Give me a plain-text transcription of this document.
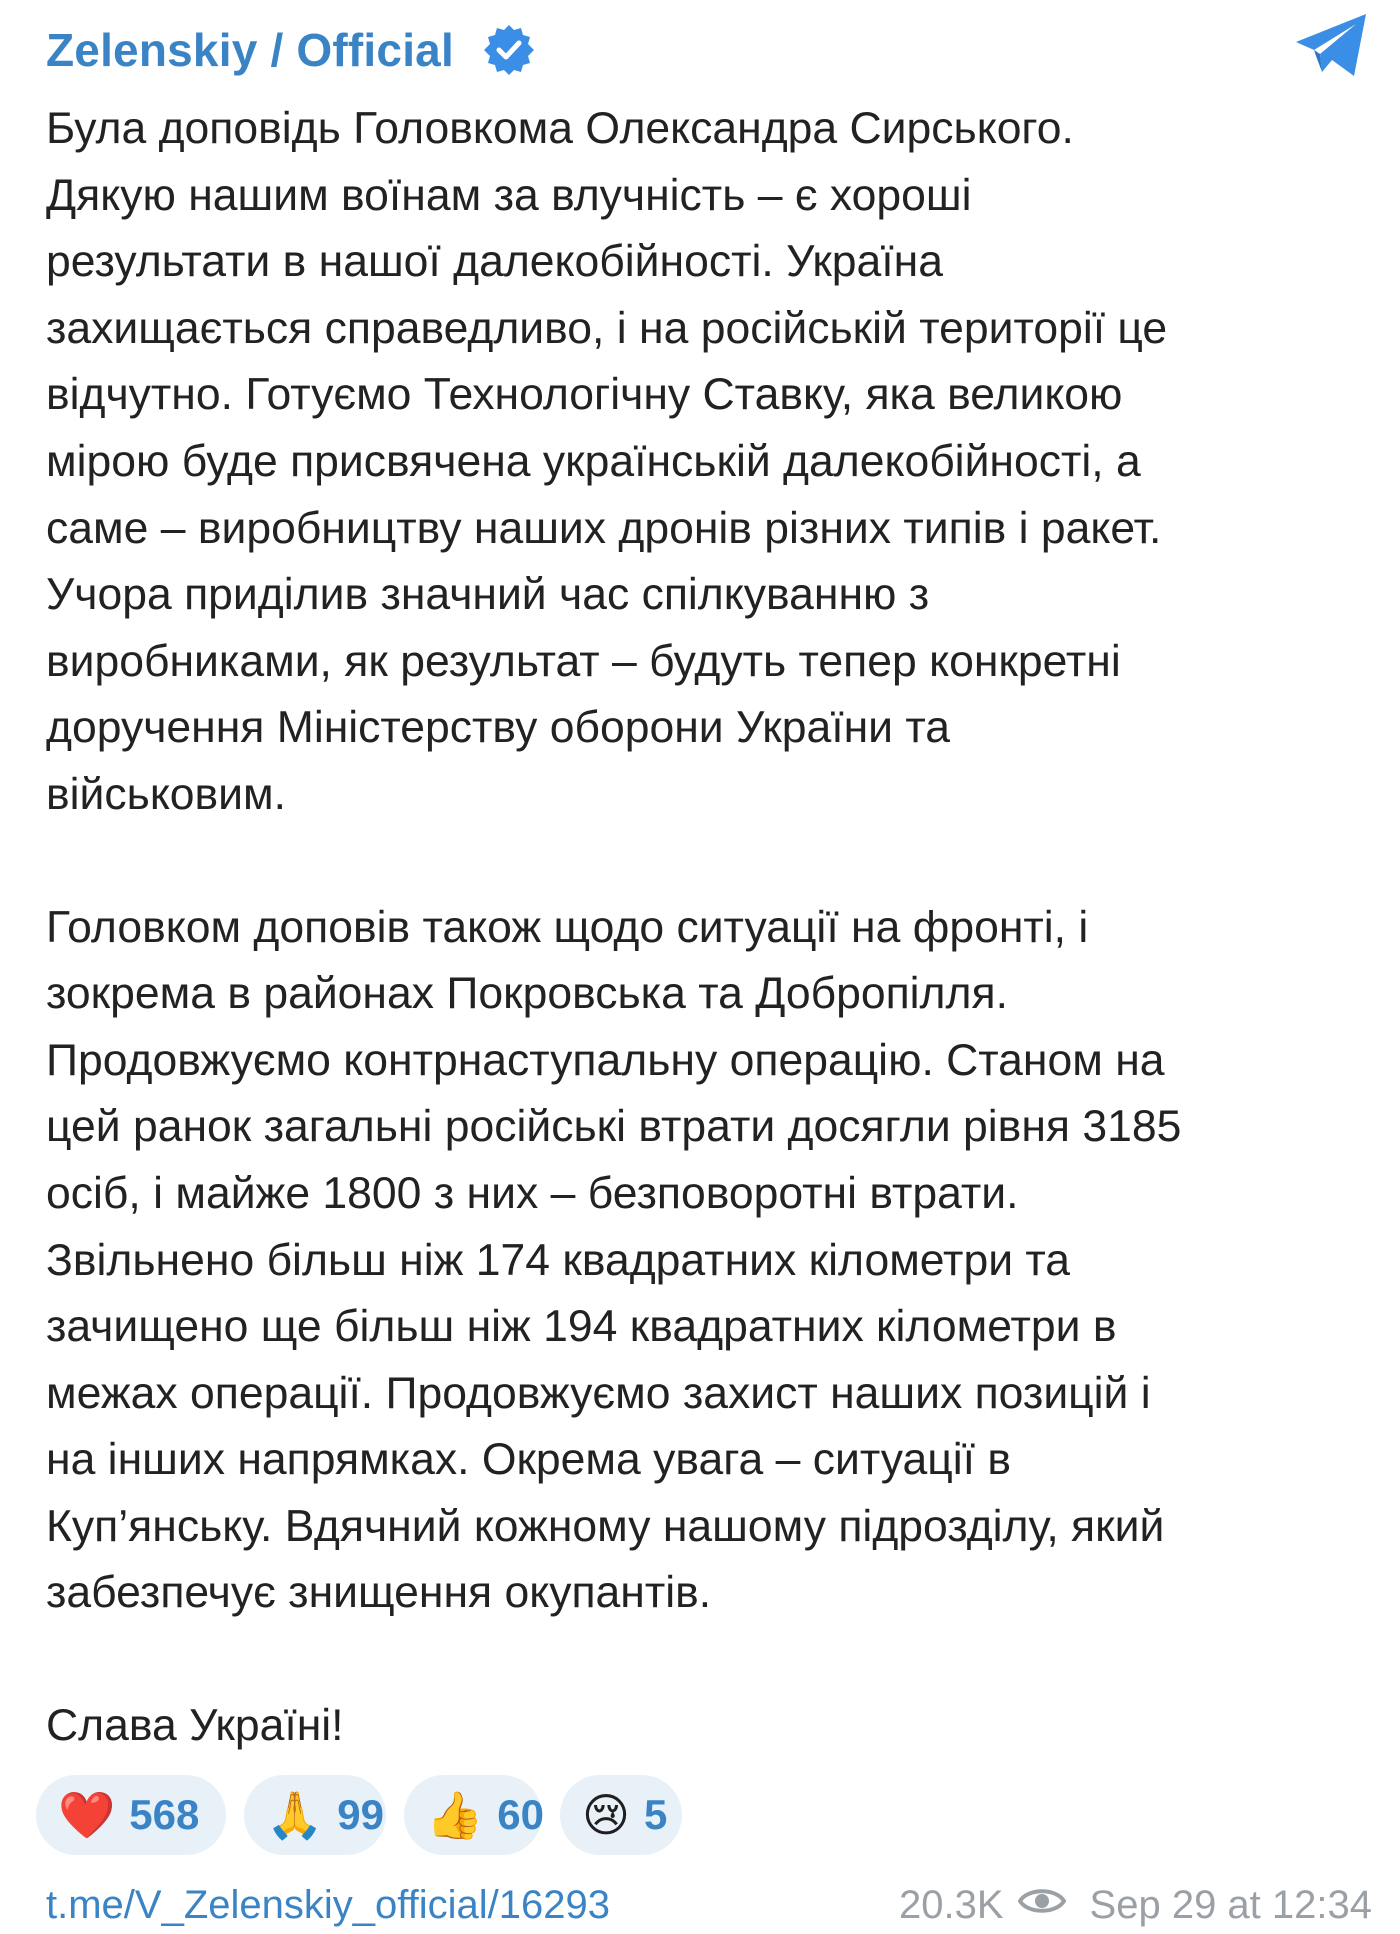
Zelenskiy / Official

Була доповідь Головкома Олександра Сирського.
Дякую нашим воїнам за влучність – є хороші
результати в нашої далекобійності. Україна
захищається справедливо, і на російській території це
відчутно. Готуємо Технологічну Ставку, яка великою
мірою буде присвячена українській далекобійності, а
саме – виробництву наших дронів різних типів і ракет.
Учора приділив значний час спілкуванню з
виробниками, як результат – будуть тепер конкретні
доручення Міністерству оборони України та
військовим.

Головком доповів також щодо ситуації на фронті, і
зокрема в районах Покровська та Добропілля.
Продовжуємо контрнаступальну операцію. Станом на
цей ранок загальні російські втрати досягли рівня 3185
осіб, і майже 1800 з них – безповоротні втрати.
Звільнено більш ніж 174 квадратних кілометри та
зачищено ще більш ніж 194 квадратних кілометри в
межах операції. Продовжуємо захист наших позицій і
на інших напрямках. Окрема увага – ситуації в
Куп’янську. Вдячний кожному нашому підрозділу, який
забезпечує знищення окупантів.

Слава Україні!

❤️ 568 🙏 99 👍 60 😢 5
t.me/V_Zelenskiy_official/16293	20.3K Sep 29 at 12:34
